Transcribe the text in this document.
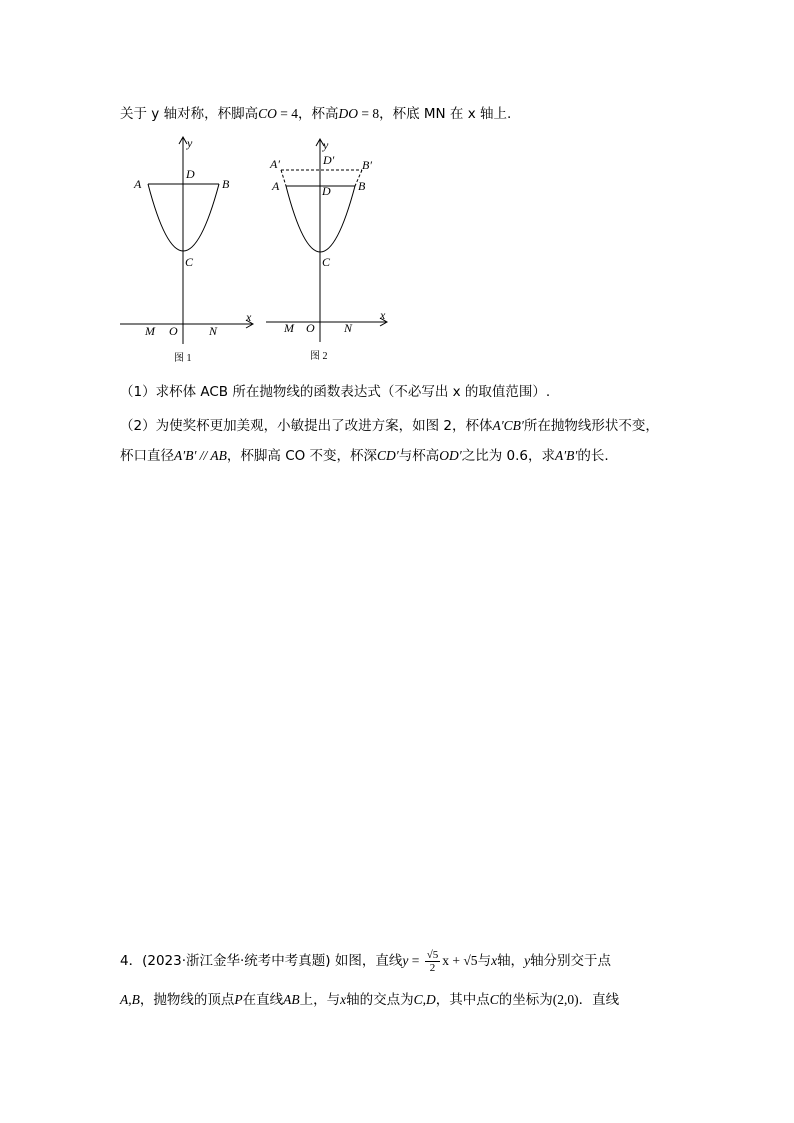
关于 y 轴对称，杯脚高CO = 4，杯高DO = 8，杯底 MN 在 x 轴上.
y
x
A	B
D
C
M O	N
图 1
y
x
A′	D′ B′
A	D B
C
M O N
图 2
（1）求杯体 ACB 所在抛物线的函数表达式（不必写出 x 的取值范围）.
（2）为使奖杯更加美观，小敏提出了改进方案，如图 2，杯体A′CB′所在抛物线形状不变，
杯口直径A′B′ // AB，杯脚高 CO 不变，杯深CD′与杯高OD′之比为 0.6，求A′B′的长.
4．(2023·浙江金华·统考中考真题) 如图，直线$y = \frac{√5}{2}$ x + √5与x轴，y轴分别交于点
A,B，抛物线的顶点P在直线AB上，与x轴的交点为C,D，其中点C的坐标为(2,0)．直线
